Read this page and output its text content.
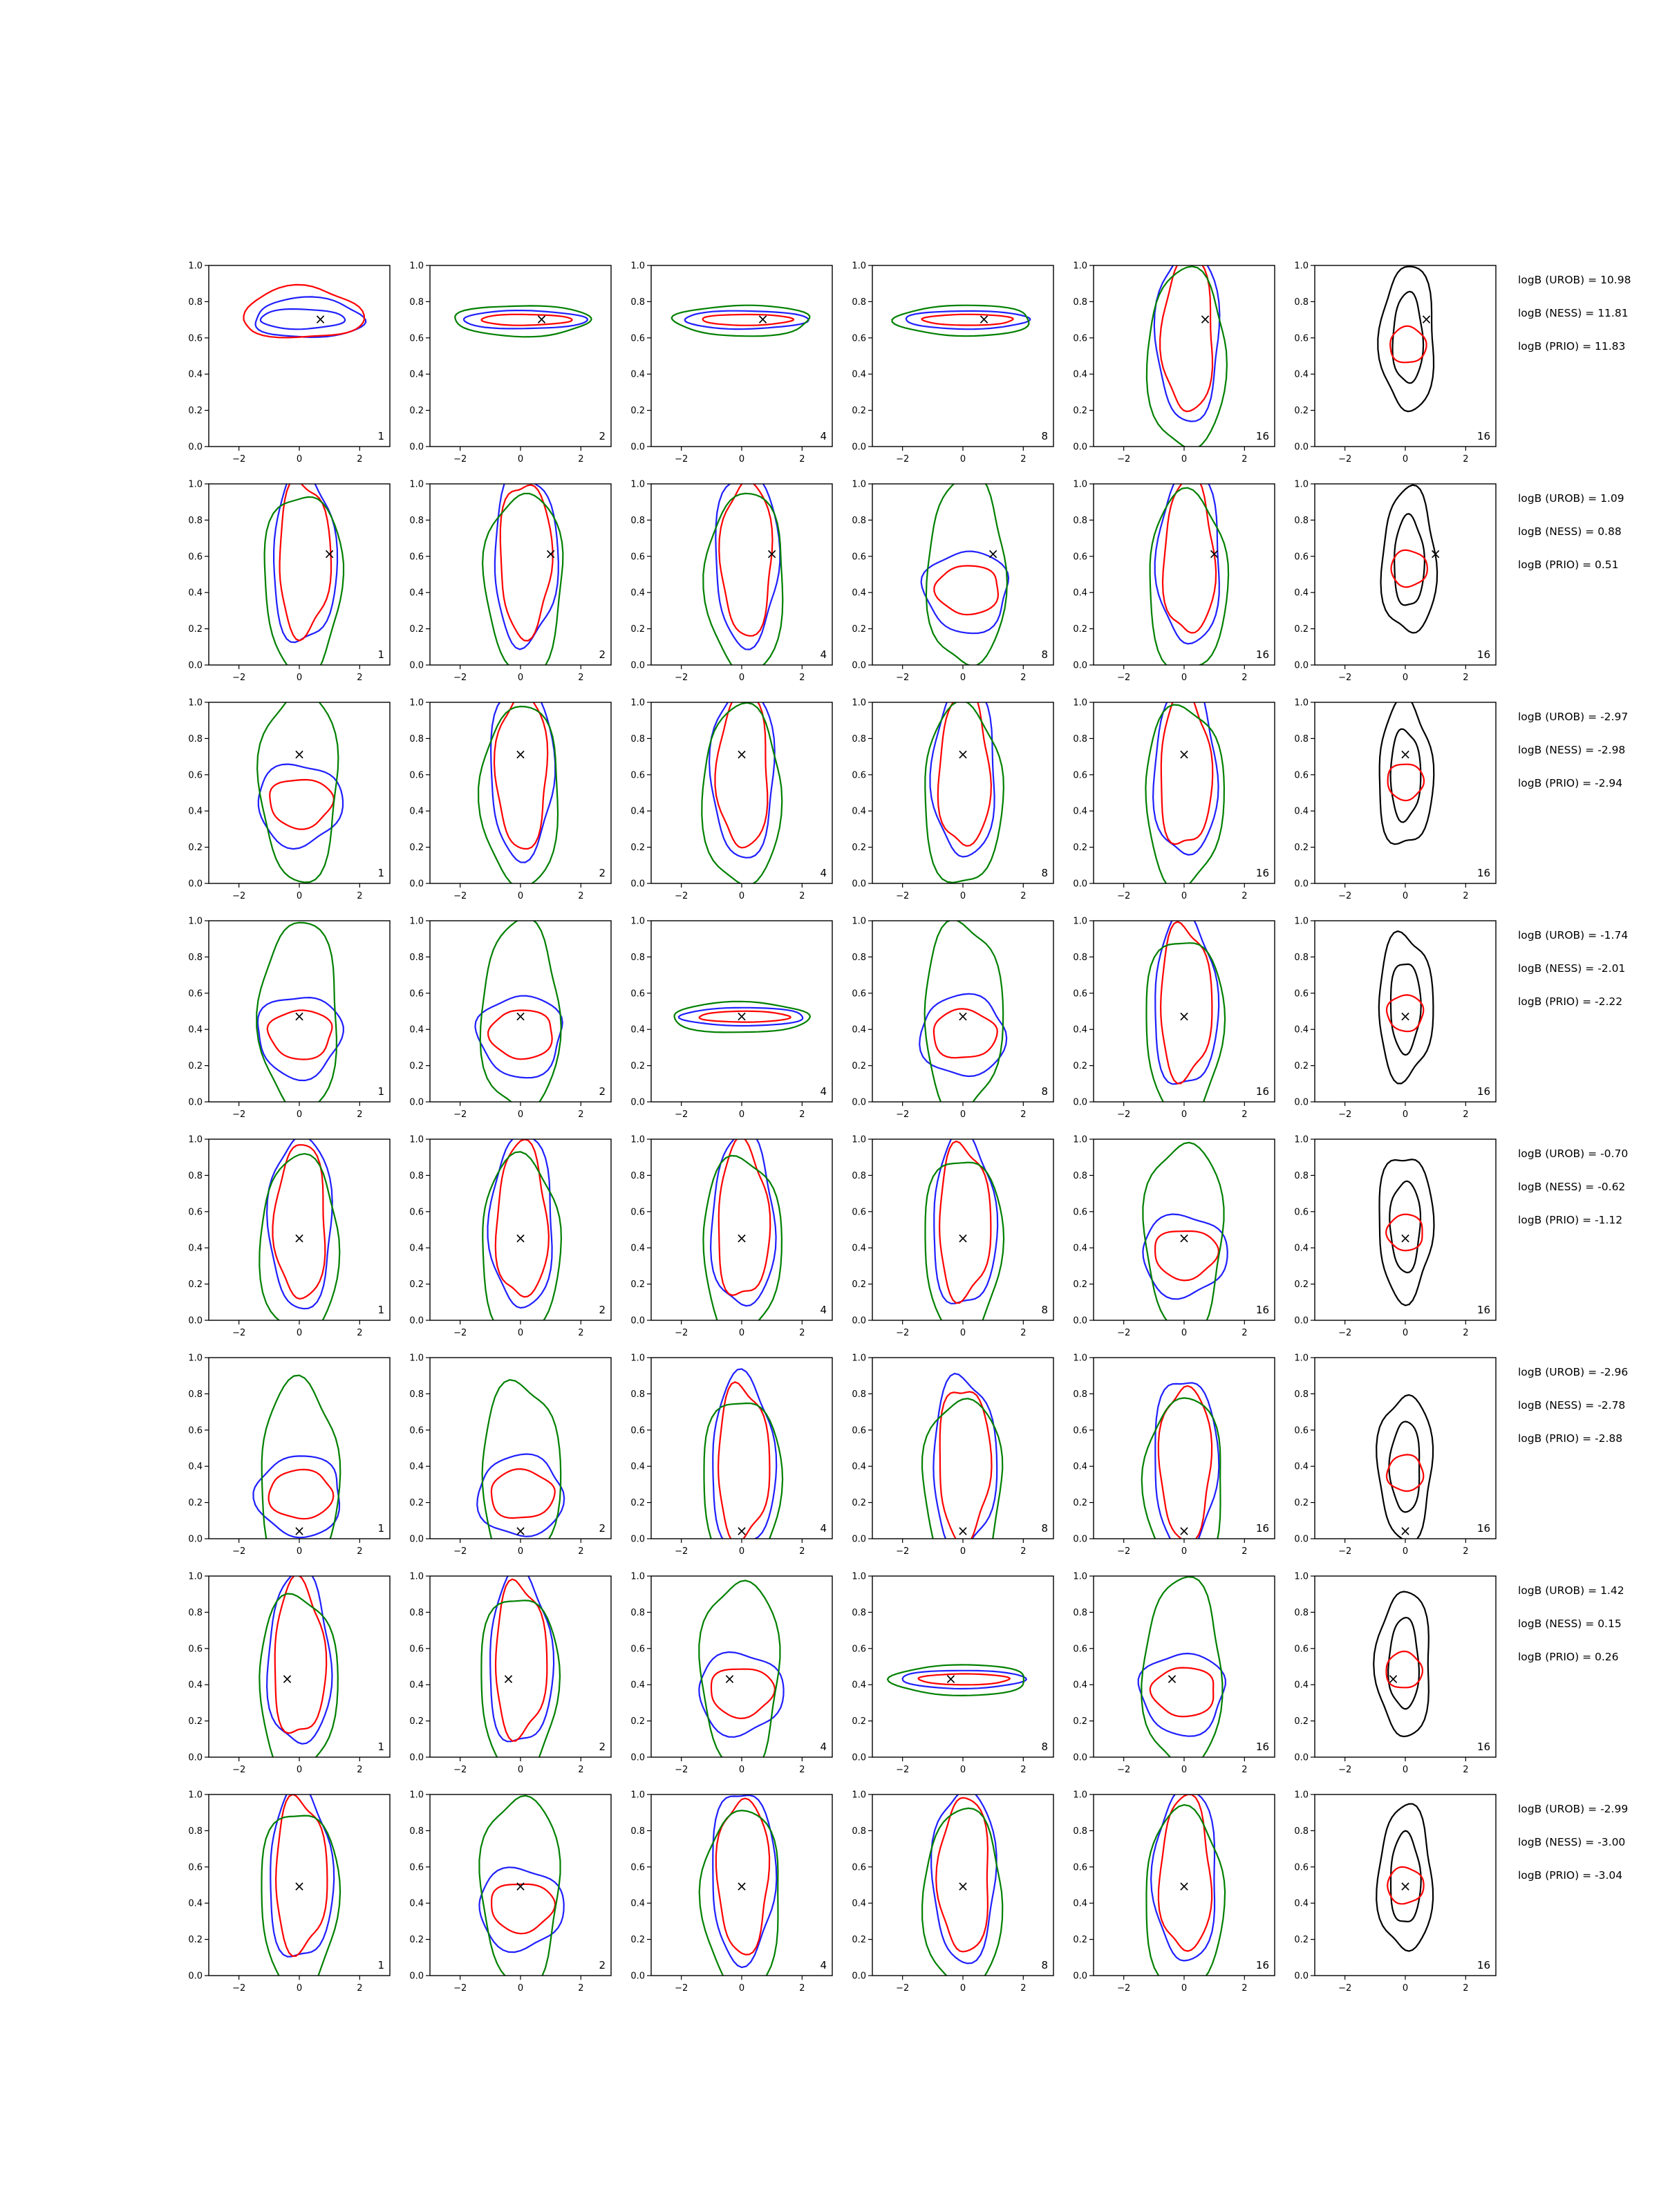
0.0
0.2
0.4
0.6
0.8
1.0
−2	0	2
×
1
0.0
0.2
0.4
0.6
0.8
1.0
−2	0	2
×
2
0.0
0.2
0.4
0.6
0.8
1.0
−2	0	2
×
4
0.0
0.2
0.4
0.6
0.8
1.0
−2	0	2
×
8
0.0
0.2
0.4
0.6
0.8
1.0
−2	0	2
×
16
0.0
0.2
0.4
0.6
0.8
1.0
−2	0	2
×
16
logB (UROB) = 10.98
logB (NESS) = 11.81
logB (PRIO) = 11.83
0.0
0.2
0.4
0.6
0.8
1.0
−2	0	2
×
1
0.0
0.2
0.4
0.6
0.8
1.0
−2	0	2
×
2
0.0
0.2
0.4
0.6
0.8
1.0
−2	0	2
×
4
0.0
0.2
0.4
0.6
0.8
1.0
−2	0	2
×
8
0.0
0.2
0.4
0.6
0.8
1.0
−2	0	2
×
16
0.0
0.2
0.4
0.6
0.8
1.0
−2	0	2
×
16
logB (UROB) = 1.09
logB (NESS) = 0.88
logB (PRIO) = 0.51
0.0
0.2
0.4
0.6
0.8
1.0
−2	0	2
×
1
0.0
0.2
0.4
0.6
0.8
1.0
−2	0	2
×
2
0.0
0.2
0.4
0.6
0.8
1.0
−2	0	2
×
4
0.0
0.2
0.4
0.6
0.8
1.0
−2	0	2
×
8
0.0
0.2
0.4
0.6
0.8
1.0
−2	0	2
×
16
0.0
0.2
0.4
0.6
0.8
1.0
−2	0	2
×
16
logB (UROB) = -2.97
logB (NESS) = -2.98
logB (PRIO) = -2.94
0.0
0.2
0.4
0.6
0.8
1.0
−2	0	2
×
1
0.0
0.2
0.4
0.6
0.8
1.0
−2	0	2
×
2
0.0
0.2
0.4
0.6
0.8
1.0
−2	0	2
×
4
0.0
0.2
0.4
0.6
0.8
1.0
−2	0	2
×
8
0.0
0.2
0.4
0.6
0.8
1.0
−2	0	2
×
16
0.0
0.2
0.4
0.6
0.8
1.0
−2	0	2
×
16
logB (UROB) = -1.74
logB (NESS) = -2.01
logB (PRIO) = -2.22
0.0
0.2
0.4
0.6
0.8
1.0
−2	0	2
×
1
0.0
0.2
0.4
0.6
0.8
1.0
−2	0	2
×
2
0.0
0.2
0.4
0.6
0.8
1.0
−2	0	2
×
4
0.0
0.2
0.4
0.6
0.8
1.0
−2	0	2
×
8
0.0
0.2
0.4
0.6
0.8
1.0
−2	0	2
×
16
0.0
0.2
0.4
0.6
0.8
1.0
−2	0	2
×
16
logB (UROB) = -0.70
logB (NESS) = -0.62
logB (PRIO) = -1.12
0.0
0.2
0.4
0.6
0.8
1.0
−2	0	2
×	1
0.0
0.2
0.4
0.6
0.8
1.0
−2	0	2
×	2
0.0
0.2
0.4
0.6
0.8
1.0
−2	0	2
×	4
0.0
0.2
0.4
0.6
0.8
1.0
−2	0	2
×	8
0.0
0.2
0.4
0.6
0.8
1.0
−2	0	2
×	16
0.0
0.2
0.4
0.6
0.8
1.0
−2	0	2
×	16
logB (UROB) = -2.96
logB (NESS) = -2.78
logB (PRIO) = -2.88
0.0
0.2
0.4
0.6
0.8
1.0
−2	0	2
×
1
0.0
0.2
0.4
0.6
0.8
1.0
−2	0	2
×
2
0.0
0.2
0.4
0.6
0.8
1.0
−2	0	2
×
4
0.0
0.2
0.4
0.6
0.8
1.0
−2	0	2
×
8
0.0
0.2
0.4
0.6
0.8
1.0
−2	0	2
×
16
0.0
0.2
0.4
0.6
0.8
1.0
−2	0	2
×
16
logB (UROB) = 1.42
logB (NESS) = 0.15
logB (PRIO) = 0.26
0.0
0.2
0.4
0.6
0.8
1.0
−2	0	2
×
1
0.0
0.2
0.4
0.6
0.8
1.0
−2	0	2
×
2
0.0
0.2
0.4
0.6
0.8
1.0
−2	0	2
×
4
0.0
0.2
0.4
0.6
0.8
1.0
−2	0	2
×
8
0.0
0.2
0.4
0.6
0.8
1.0
−2	0	2
×
16
0.0
0.2
0.4
0.6
0.8
1.0
−2	0	2
×
16
logB (UROB) = -2.99
logB (NESS) = -3.00
logB (PRIO) = -3.04
